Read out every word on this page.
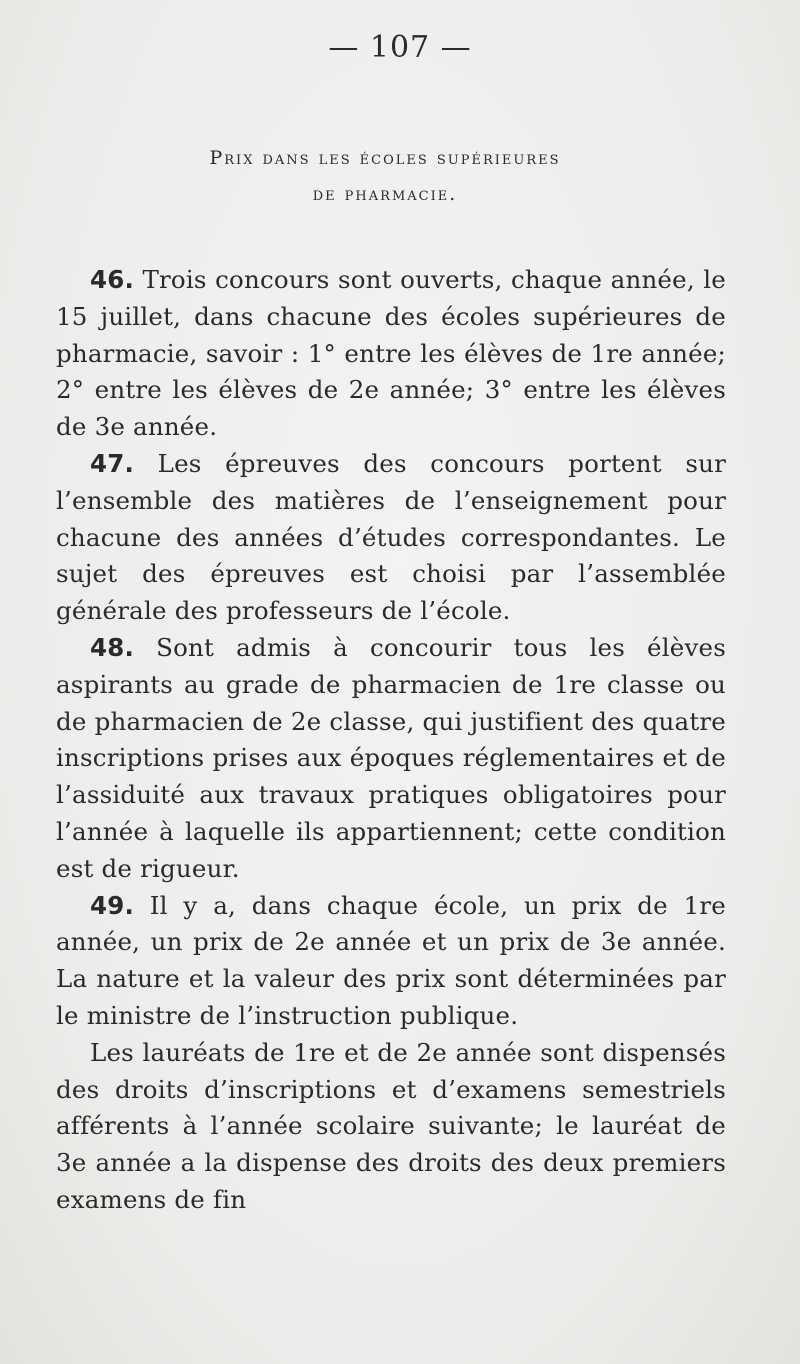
— 107 —
Prix dans les écoles supérieures
de pharmacie.

46. Trois concours sont ouverts, chaque année, le 15 juillet, dans chacune des écoles supérieures de pharmacie, savoir : 1° entre les élèves de 1re année; 2° entre les élèves de 2e année; 3° entre les élèves de 3e année.

47. Les épreuves des concours portent sur l’ensemble des matières de l’enseignement pour chacune des années d’études correspondantes. Le sujet des épreuves est choisi par l’assemblée générale des professeurs de l’école.

48. Sont admis à concourir tous les élèves aspirants au grade de pharmacien de 1re classe ou de pharmacien de 2e classe, qui justifient des quatre inscriptions prises aux époques réglementaires et de l’assiduité aux travaux pratiques obligatoires pour l’année à laquelle ils appartiennent; cette condition est de rigueur.

49. Il y a, dans chaque école, un prix de 1re année, un prix de 2e année et un prix de 3e année. La nature et la valeur des prix sont déterminées par le ministre de l’instruction publique.

Les lauréats de 1re et de 2e année sont dispensés des droits d’inscriptions et d’examens semestriels afférents à l’année scolaire suivante; le lauréat de 3e année a la dispense des droits des deux premiers examens de fin
